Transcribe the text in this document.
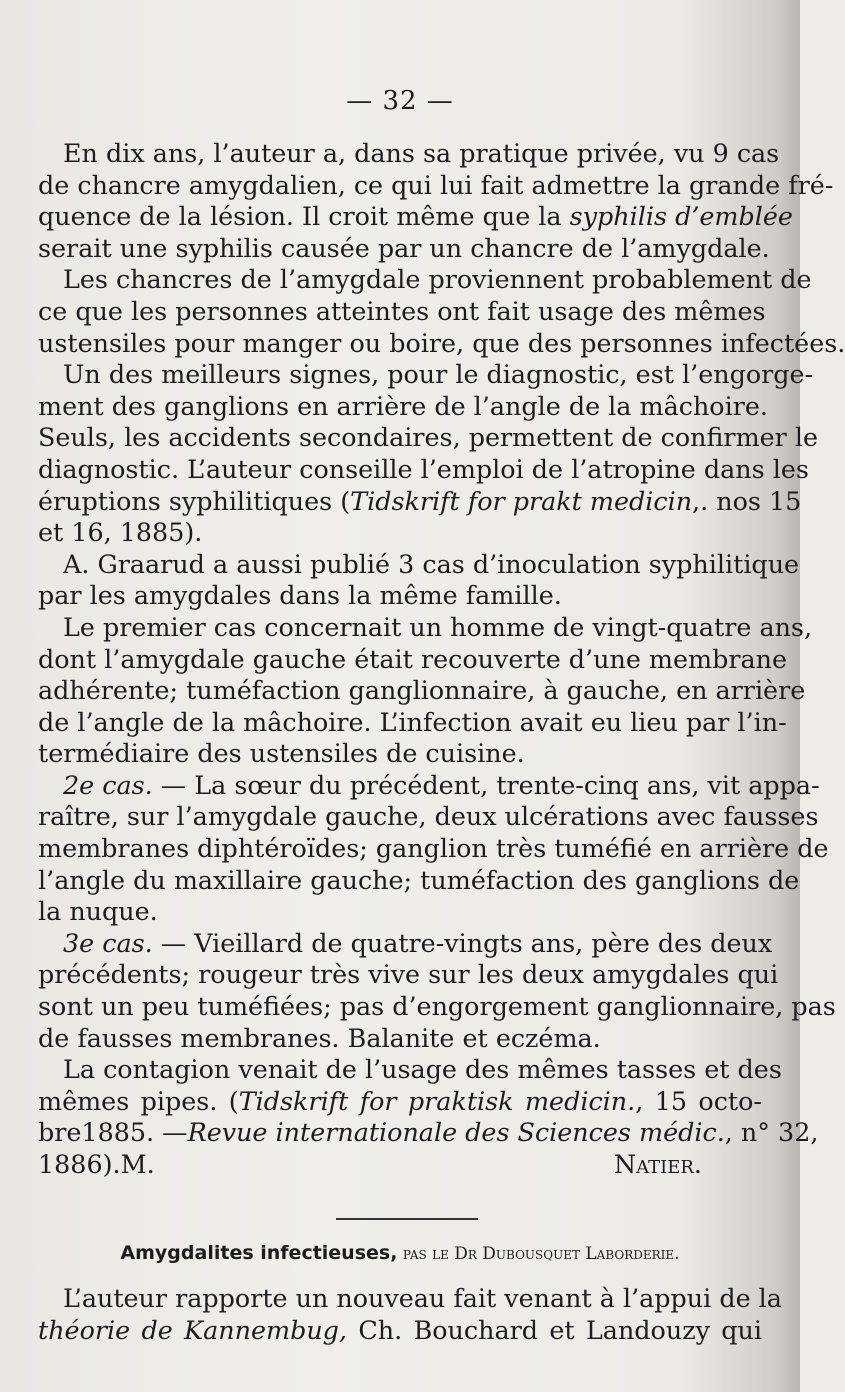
— 32 —
En dix ans, l’auteur a, dans sa pratique privée, vu 9 cas
de chancre amygdalien, ce qui lui fait admettre la grande fré-
quence de la lésion. Il croit même que la syphilis d’emblée
serait une syphilis causée par un chancre de l’amygdale.
Les chancres de l’amygdale proviennent probablement de
ce que les personnes atteintes ont fait usage des mêmes
ustensiles pour manger ou boire, que des personnes infectées.
Un des meilleurs signes, pour le diagnostic, est l’engorge-
ment des ganglions en arrière de l’angle de la mâchoire.
Seuls, les accidents secondaires, permettent de confirmer le
diagnostic. L’auteur conseille l’emploi de l’atropine dans les
éruptions syphilitiques (Tidskrift for prakt medicin,. nos 15
et 16, 1885).
A. Graarud a aussi publié 3 cas d’inoculation syphilitique
par les amygdales dans la même famille.
Le premier cas concernait un homme de vingt-quatre ans,
dont l’amygdale gauche était recouverte d’une membrane
adhérente; tuméfaction ganglionnaire, à gauche, en arrière
de l’angle de la mâchoire. L’infection avait eu lieu par l’in-
termédiaire des ustensiles de cuisine.
2e cas. — La sœur du précédent, trente-cinq ans, vit appa-
raître, sur l’amygdale gauche, deux ulcérations avec fausses
membranes diphtéroïdes; ganglion très tuméfié en arrière de
l’angle du maxillaire gauche; tuméfaction des ganglions de
la nuque.
3e cas. — Vieillard de quatre-vingts ans, père des deux
précédents; rougeur très vive sur les deux amygdales qui
sont un peu tuméfiées; pas d’engorgement ganglionnaire, pas
de fausses membranes. Balanite et eczéma.
La contagion venait de l’usage des mêmes tasses et des
mêmes pipes. (Tidskrift for praktisk medicin., 15 octo-
bre1885. —Revue internationale des Sciences médic., n° 32,
1886).M. Natier.
Amygdalites infectieuses, pas le Dr Dubousquet Laborderie.
L’auteur rapporte un nouveau fait venant à l’appui de la
théorie de Kannembug, Ch. Bouchard et Landouzy qui
